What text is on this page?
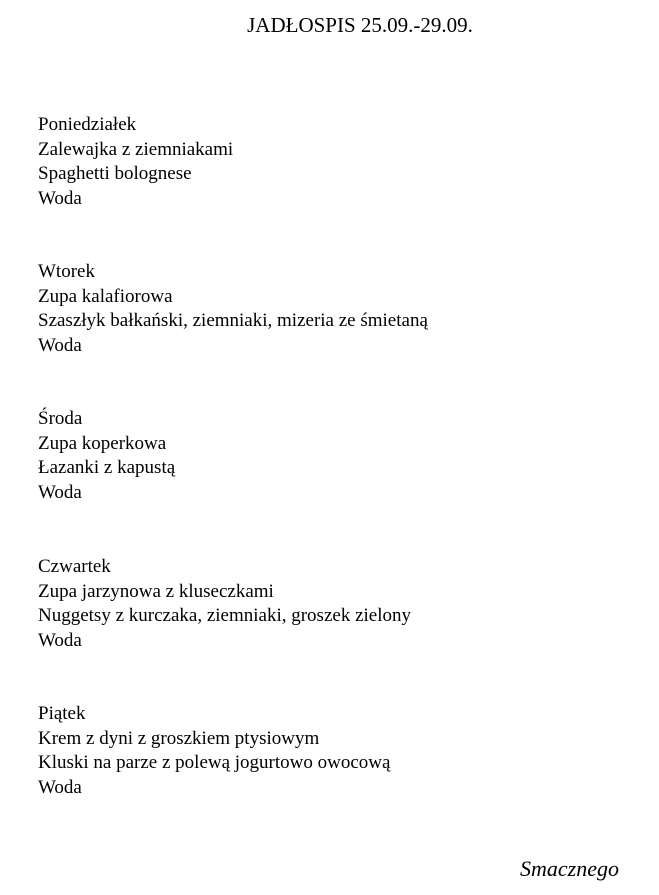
JADŁOSPIS 25.09.-29.09.
Poniedziałek
Zalewajka z ziemniakami
Spaghetti bolognese
Woda
Wtorek
Zupa kalafiorowa
Szaszłyk bałkański, ziemniaki, mizeria ze śmietaną
Woda
Środa
Zupa koperkowa
Łazanki z kapustą
Woda
Czwartek
Zupa jarzynowa z kluseczkami
Nuggetsy z kurczaka, ziemniaki, groszek zielony
Woda
Piątek
Krem z dyni z groszkiem ptysiowym
Kluski na parze z polewą jogurtowo owocową
Woda
Smacznego
